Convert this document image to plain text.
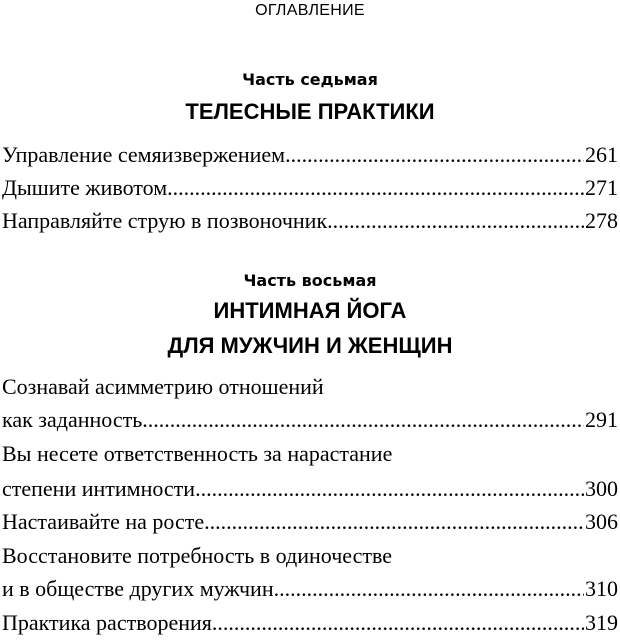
ОГЛАВЛЕНИЕ
Часть седьмая
ТЕЛЕСНЫЕ ПРАКТИКИ
Управление семяизвержением .....	261
Дышите животом .....	271
Направляйте струю в позвоночник .....	278
Часть восьмая
ИНТИМНАЯ ЙОГА
ДЛЯ МУЖЧИН И ЖЕНЩИН
Сознавай асимметрию отношений
как заданность .....	291
Вы несете ответственность за нарастание
степени интимности .....	300
Настаивайте на росте .....	306
Восстановите потребность в одиночестве
и в обществе других мужчин .....	310
Практика растворения .....	319
